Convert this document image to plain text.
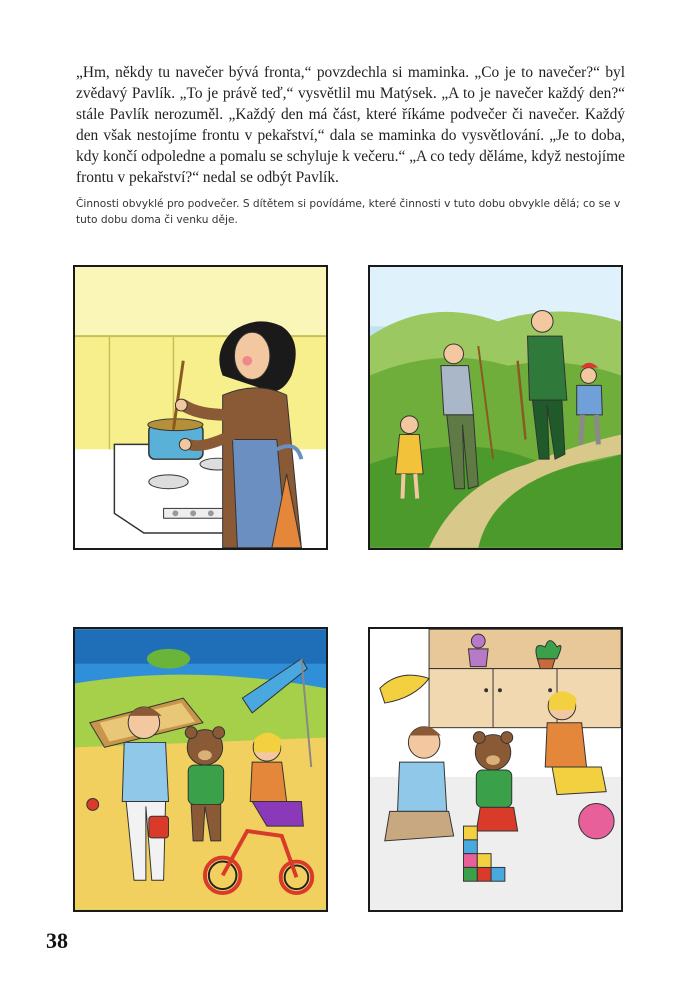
„Hm, někdy tu navečer bývá fronta,“ povzdechla si maminka. „Co je to navečer?“ byl zvědavý Pavlík. „To je právě teď,“ vysvětlil mu Matýsek. „A to je navečer každý den?“ stále Pavlík nerozuměl. „Každý den má část, které říkáme podvečer či navečer. Každý den však nestojíme frontu v pekařství,“ dala se maminka do vysvětlování. „Je to doba, kdy končí odpoledne a pomalu se schyluje k večeru.“ „A co tedy děláme, když nestojíme frontu v pekařství?“ nedal se odbýt Pavlík.

Činnosti obvyklé pro podvečer. S dítětem si povídáme, které činnosti v tuto dobu obvykle dělá; co se v tuto dobu doma či venku děje.

38
